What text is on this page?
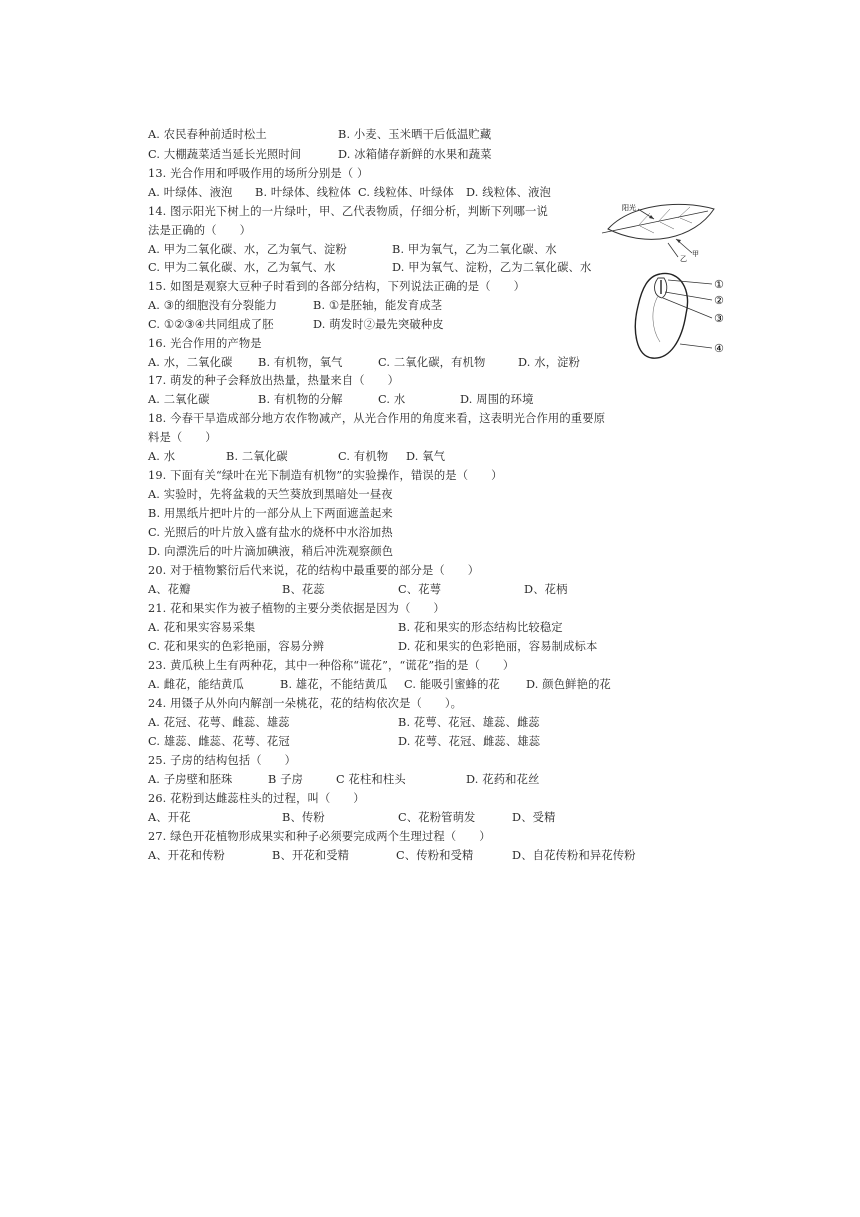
A. 农民春种前适时松土	B. 小麦、玉米晒干后低温贮藏
C. 大棚蔬菜适当延长光照时间	D. 冰箱储存新鲜的水果和蔬菜
13. 光合作用和呼吸作用的场所分别是（ ）
A. 叶绿体、液泡 B. 叶绿体、线粒体 C. 线粒体、叶绿体 D. 线粒体、液泡
14. 图示阳光下树上的一片绿叶，甲、乙代表物质，仔细分析，判断下列哪一说
法是正确的（　　）
A. 甲为二氧化碳、水，乙为氧气、淀粉	B. 甲为氧气，乙为二氧化碳、水
C. 甲为二氧化碳、水，乙为氧气、水	D. 甲为氧气、淀粉，乙为二氧化碳、水
15. 如图是观察大豆种子时看到的各部分结构，下列说法正确的是（　　）
A. ③的细胞没有分裂能力	B. ①是胚轴，能发育成茎
C. ①②③④共同组成了胚	D. 萌发时②最先突破种皮
16. 光合作用的产物是
A. 水，二氧化碳 B. 有机物，氧气	C. 二氧化碳，有机物	D. 水，淀粉
17. 萌发的种子会释放出热量，热量来自（　　）
A. 二氧化碳	B. 有机物的分解	C. 水	D. 周围的环境
18. 今春干旱造成部分地方农作物减产，从光合作用的角度来看，这表明光合作用的重要原
料是（　　）
A. 水	B. 二氧化碳	C. 有机物 D. 氧气
19. 下面有关“绿叶在光下制造有机物”的实验操作，错误的是（　　）
A. 实验时，先将盆栽的天竺葵放到黑暗处一昼夜
B. 用黑纸片把叶片的一部分从上下两面遮盖起来
C. 光照后的叶片放入盛有盐水的烧杯中水浴加热
D. 向漂洗后的叶片滴加碘液，稍后冲洗观察颜色
20. 对于植物繁衍后代来说，花的结构中最重要的部分是（　　）
A、花瓣	B、花蕊	C、花萼	D、花柄
21. 花和果实作为被子植物的主要分类依据是因为（　　）
A. 花和果实容易采集	B. 花和果实的形态结构比较稳定
C. 花和果实的色彩艳丽，容易分辨	D. 花和果实的色彩艳丽，容易制成标本
23. 黄瓜秧上生有两种花，其中一种俗称“谎花”，“谎花”指的是（　　）
A. 雌花，能结黄瓜	B. 雄花，不能结黄瓜 C. 能吸引蜜蜂的花 D. 颜色鲜艳的花
24. 用镊子从外向内解剖一朵桃花，花的结构依次是（　　）。
A. 花冠、花萼、雌蕊、雄蕊	B. 花萼、花冠、雄蕊、雌蕊
C. 雄蕊、雌蕊、花萼、花冠	D. 花萼、花冠、雌蕊、雄蕊
25. 子房的结构包括（　　）
A. 子房壁和胚珠	B 子房	C 花柱和柱头	D. 花药和花丝
26. 花粉到达雌蕊柱头的过程，叫（　　）
A、开花	B、传粉	C、花粉管萌发	D、受精
27. 绿色开花植物形成果实和种子必须要完成两个生理过程（　　）
A、开花和传粉	B、开花和受精	C、传粉和受精	D、自花传粉和异花传粉
阳光
甲
乙
①
②
③
④
